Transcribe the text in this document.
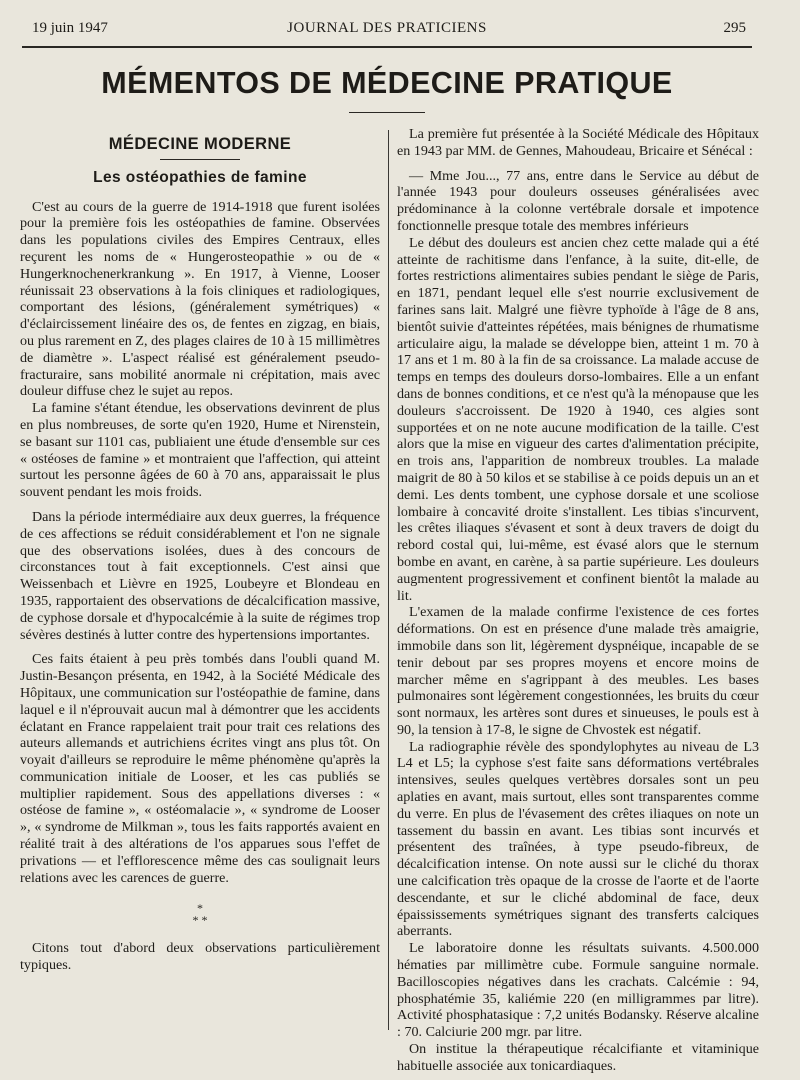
19 juin 1947	JOURNAL DES PRATICIENS	295
MÉMENTOS DE MÉDECINE PRATIQUE
MÉDECINE MODERNE
Les ostéopathies de famine

C'est au cours de la guerre de 1914-1918 que furent isolées pour la première fois les ostéopathies de famine. Observées dans les populations civiles des Empires Centraux, elles reçurent les noms de « Hungerosteopathie » ou de « Hungerknochenerkrankung ». En 1917, à Vienne, Looser réunissait 23 observations à la fois cliniques et radiologiques, comportant des lésions, (généralement symétriques) « d'éclaircissement linéaire des os, de fentes en zigzag, en biais, ou plus rarement en Z, des plages claires de 10 à 15 millimètres de diamètre ». L'aspect réalisé est généralement pseudo-fracturaire, sans mobilité anormale ni crépitation, mais avec douleur diffuse chez le sujet au repos.

La famine s'étant étendue, les observations devinrent de plus en plus nombreuses, de sorte qu'en 1920, Hume et Nirenstein, se basant sur 1101 cas, publiaient une étude d'ensemble sur ces « ostéoses de famine » et montraient que l'affection, qui atteint surtout les personne âgées de 60 à 70 ans, apparaissait le plus souvent pendant les mois froids.

Dans la période intermédiaire aux deux guerres, la fréquence de ces affections se réduit considérablement et l'on ne signale que des observations isolées, dues à des concours de circonstances tout à fait exceptionnels. C'est ainsi que Weissenbach et Lièvre en 1925, Loubeyre et Blondeau en 1935, rapportaient des observations de décalcification massive, de cyphose dorsale et d'hypocalcémie à la suite de régimes trop sévères destinés à lutter contre des hypertensions importantes.

Ces faits étaient à peu près tombés dans l'oubli quand M. Justin-Besançon présenta, en 1942, à la Société Médicale des Hôpitaux, une communication sur l'ostéopathie de famine, dans laquel e il n'éprouvait aucun mal à démontrer que les accidents éclatant en France rappelaient trait pour trait ces relations des auteurs allemands et autrichiens écrites vingt ans plus tôt. On voyait d'ailleurs se reproduire le même phénomène qu'après la communication initiale de Looser, et les cas publiés se multiplier rapidement. Sous des appellations diverses : « ostéose de famine », « ostéomalacie », « syndrome de Looser », « syndrome de Milkman », tous les faits rapportés avaient en réalité trait à des altérations de l'os apparues sous l'effet de privations — et l'efflorescence même des cas soulignait leurs relations avec les carences de guerre.

*
* *

Citons tout d'abord deux observations particulièrement typiques.

La première fut présentée à la Société Médicale des Hôpitaux en 1943 par MM. de Gennes, Mahoudeau, Bricaire et Sénécal :

— Mme Jou..., 77 ans, entre dans le Service au début de l'année 1943 pour douleurs osseuses généralisées avec prédominance à la colonne vertébrale dorsale et impotence fonctionnelle presque totale des membres inférieurs

Le début des douleurs est ancien chez cette malade qui a été atteinte de rachitisme dans l'enfance, à la suite, dit-elle, de fortes restrictions alimentaires subies pendant le siège de Paris, en 1871, pendant lequel elle s'est nourrie exclusivement de farines sans lait. Malgré une fièvre typhoïde à l'âge de 8 ans, bientôt suivie d'atteintes répétées, mais bénignes de rhumatisme articulaire aigu, la malade se développe bien, atteint 1 m. 70 à 17 ans et 1 m. 80 à la fin de sa croissance. La malade accuse de temps en temps des douleurs dorso-lombaires. Elle a un enfant dans de bonnes conditions, et ce n'est qu'à la ménopause que les douleurs s'accroissent. De 1920 à 1940, ces algies sont supportées et on ne note aucune modification de la taille. C'est alors que la mise en vigueur des cartes d'alimentation précipite, en trois ans, l'apparition de nombreux troubles. La malade maigrit de 80 à 50 kilos et se stabilise à ce poids depuis un an et demi. Les dents tombent, une cyphose dorsale et une scoliose lombaire à concavité droite s'installent. Les tibias s'incurvent, les crêtes iliaques s'évasent et sont à deux travers de doigt du rebord costal qui, lui-même, est évasé alors que le sternum bombe en avant, en carène, à sa partie supérieure. Les douleurs augmentent progressivement et confinent bientôt la malade au lit.

L'examen de la malade confirme l'existence de ces fortes déformations. On est en présence d'une malade très amaigrie, immobile dans son lit, légèrement dyspnéique, incapable de se tenir debout par ses propres moyens et encore moins de marcher même en s'agrippant à des meubles. Les bases pulmonaires sont légèrement congestionnées, les bruits du cœur sont normaux, les artères sont dures et sinueuses, le pouls est à 90, la tension à 17-8, le signe de Chvostek est négatif.

La radiographie révèle des spondylophytes au niveau de L3 L4 et L5; la cyphose s'est faite sans déformations vertébrales intensives, seules quelques vertèbres dorsales sont un peu aplaties en avant, mais surtout, elles sont transparentes comme du verre. En plus de l'évasement des crêtes iliaques on note un tassement du bassin en avant. Les tibias sont incurvés et présentent des traînées, à type pseudo-fibreux, de décalcification intense. On note aussi sur le cliché du thorax une calcification très opaque de la crosse de l'aorte et de l'aorte descendante, et sur le cliché abdominal de face, deux épaississements symétriques signant des transferts calciques aberrants.

Le laboratoire donne les résultats suivants. 4.500.000 hématies par millimètre cube. Formule sanguine normale. Bacilloscopies négatives dans les crachats. Calcémie : 94, phosphatémie 35, kaliémie 220 (en milligrammes par litre). Activité phosphatasique : 7,2 unités Bodansky. Réserve alcaline : 70. Calciurie 200 mgr. par litre.

On institue la thérapeutique récalcifiante et vitaminique habituelle associée aux tonicardiaques.
